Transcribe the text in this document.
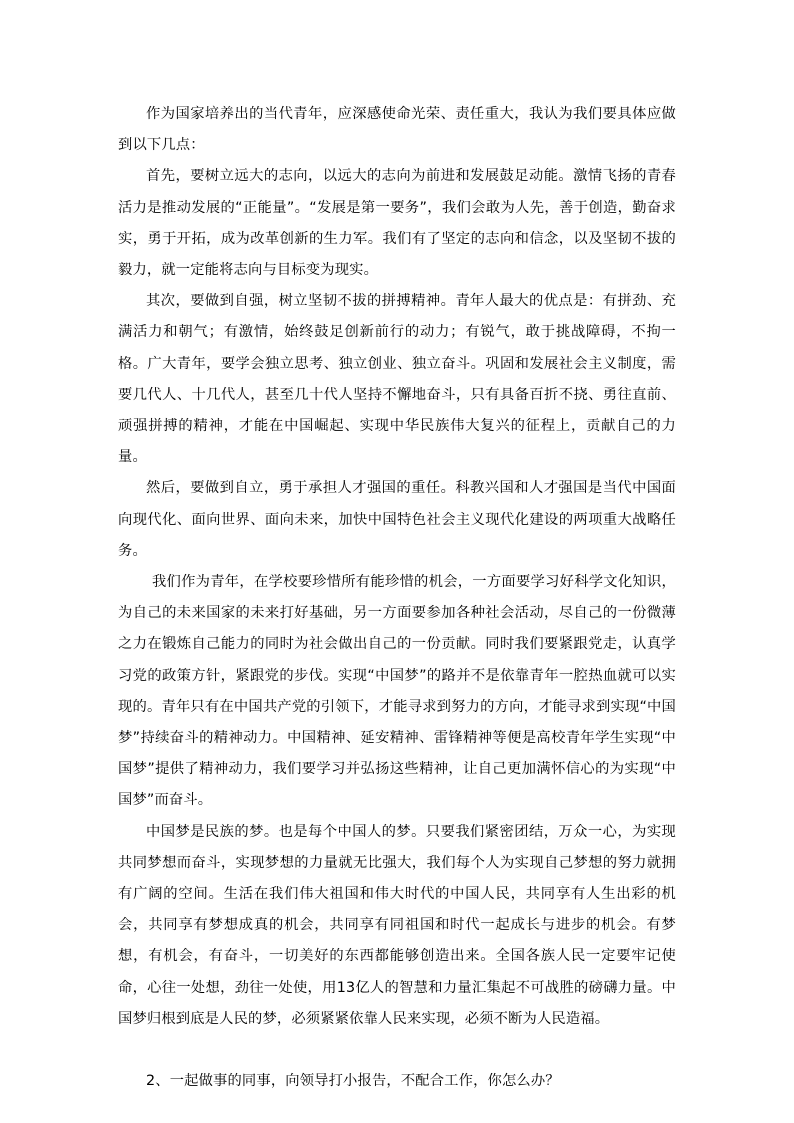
作为国家培养出的当代青年，应深感使命光荣、责任重大，我认为我们要具体应做到以下几点：

首先，要树立远大的志向，以远大的志向为前进和发展鼓足动能。激情飞扬的青春活力是推动发展的“正能量”。“发展是第一要务”，我们会敢为人先，善于创造，勤奋求实，勇于开拓，成为改革创新的生力军。我们有了坚定的志向和信念，以及坚韧不拔的毅力，就一定能将志向与目标变为现实。

其次，要做到自强，树立坚韧不拔的拼搏精神。青年人最大的优点是：有拼劲、充满活力和朝气；有激情，始终鼓足创新前行的动力；有锐气，敢于挑战障碍，不拘一格。广大青年，要学会独立思考、独立创业、独立奋斗。巩固和发展社会主义制度，需要几代人、十几代人，甚至几十代人坚持不懈地奋斗，只有具备百折不挠、勇往直前、顽强拼搏的精神，才能在中国崛起、实现中华民族伟大复兴的征程上，贡献自己的力量。

然后，要做到自立，勇于承担人才强国的重任。科教兴国和人才强国是当代中国面向现代化、面向世界、面向未来，加快中国特色社会主义现代化建设的两项重大战略任务。

我们作为青年，在学校要珍惜所有能珍惜的机会，一方面要学习好科学文化知识，为自己的未来国家的未来打好基础，另一方面要参加各种社会活动，尽自己的一份微薄之力在锻炼自己能力的同时为社会做出自己的一份贡献。同时我们要紧跟党走，认真学习党的政策方针，紧跟党的步伐。实现“中国梦”的路并不是依靠青年一腔热血就可以实现的。青年只有在中国共产党的引领下，才能寻求到努力的方向，才能寻求到实现“中国梦”持续奋斗的精神动力。中国精神、延安精神、雷锋精神等便是高校青年学生实现“中国梦”提供了精神动力，我们要学习并弘扬这些精神，让自己更加满怀信心的为实现“中国梦”而奋斗。

中国梦是民族的梦。也是每个中国人的梦。只要我们紧密团结，万众一心，为实现共同梦想而奋斗，实现梦想的力量就无比强大，我们每个人为实现自己梦想的努力就拥有广阔的空间。生活在我们伟大祖国和伟大时代的中国人民，共同享有人生出彩的机会，共同享有梦想成真的机会，共同享有同祖国和时代一起成长与进步的机会。有梦想，有机会，有奋斗，一切美好的东西都能够创造出来。全国各族人民一定要牢记使命，心往一处想，劲往一处使，用13亿人的智慧和力量汇集起不可战胜的磅礴力量。中国梦归根到底是人民的梦，必须紧紧依靠人民来实现，必须不断为人民造福。

2、一起做事的同事，向领导打小报告，不配合工作，你怎么办？
